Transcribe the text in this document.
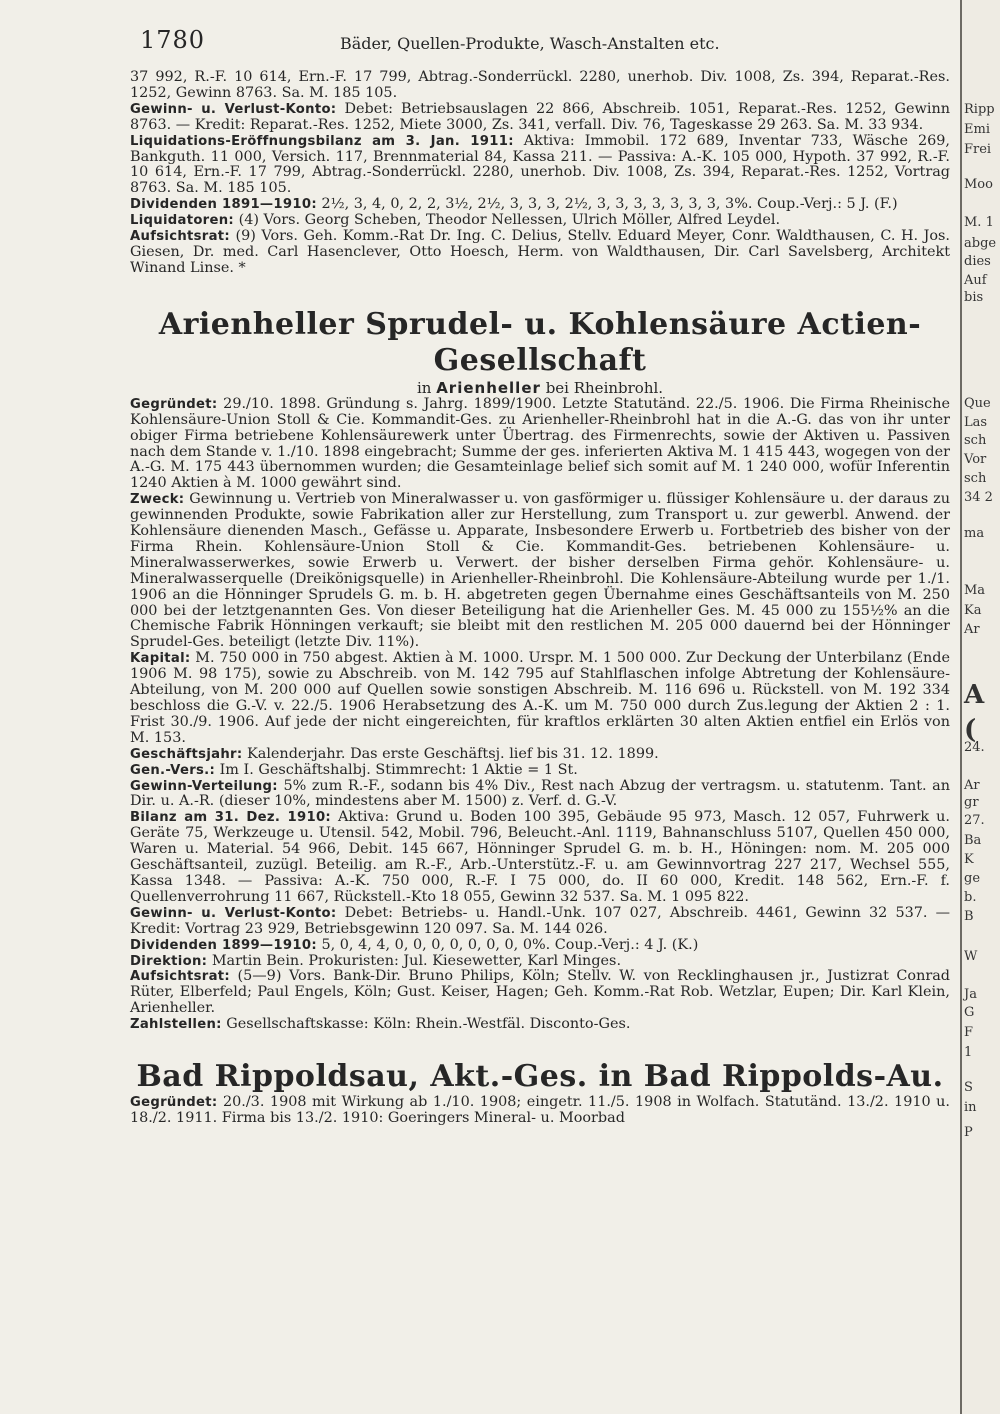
1780	Bäder, Quellen-Produkte, Wasch-Anstalten etc.

37 992, R.-F. 10 614, Ern.-F. 17 799, Abtrag.-Sonderrückl. 2280, unerhob. Div. 1008, Zs. 394, Reparat.-Res. 1252, Gewinn 8763. Sa. M. 185 105.

Gewinn- u. Verlust-Konto: Debet: Betriebsauslagen 22 866, Abschreib. 1051, Reparat.-Res. 1252, Gewinn 8763. — Kredit: Reparat.-Res. 1252, Miete 3000, Zs. 341, verfall. Div. 76, Tageskasse 29 263. Sa. M. 33 934.

Liquidations-Eröffnungsbilanz am 3. Jan. 1911: Aktiva: Immobil. 172 689, Inventar 733, Wäsche 269, Bankguth. 11 000, Versich. 117, Brennmaterial 84, Kassa 211. — Passiva: A.-K. 105 000, Hypoth. 37 992, R.-F. 10 614, Ern.-F. 17 799, Abtrag.-Sonderrückl. 2280, unerhob. Div. 1008, Zs. 394, Reparat.-Res. 1252, Vortrag 8763. Sa. M. 185 105.

Dividenden 1891—1910: 2½, 3, 4, 0, 2, 2, 3½, 2½, 3, 3, 3, 2½, 3, 3, 3, 3, 3, 3, 3, 3%. Coup.-Verj.: 5 J. (F.)

Liquidatoren: (4) Vors. Georg Scheben, Theodor Nellessen, Ulrich Möller, Alfred Leydel.

Aufsichtsrat: (9) Vors. Geh. Komm.-Rat Dr. Ing. C. Delius, Stellv. Eduard Meyer, Conr. Waldthausen, C. H. Jos. Giesen, Dr. med. Carl Hasenclever, Otto Hoesch, Herm. von Waldthausen, Dir. Carl Savelsberg, Architekt Winand Linse. *

Arienheller Sprudel- u. Kohlensäure Actien-Gesellschaft

in Arienheller bei Rheinbrohl.

Gegründet: 29./10. 1898. Gründung s. Jahrg. 1899/1900. Letzte Statutänd. 22./5. 1906. Die Firma Rheinische Kohlensäure-Union Stoll & Cie. Kommandit-Ges. zu Arienheller-Rheinbrohl hat in die A.-G. das von ihr unter obiger Firma betriebene Kohlensäurewerk unter Übertrag. des Firmenrechts, sowie der Aktiven u. Passiven nach dem Stande v. 1./10. 1898 eingebracht; Summe der ges. inferierten Aktiva M. 1 415 443, wogegen von der A.-G. M. 175 443 übernommen wurden; die Gesamteinlage belief sich somit auf M. 1 240 000, wofür Inferentin 1240 Aktien à M. 1000 gewährt sind.

Zweck: Gewinnung u. Vertrieb von Mineralwasser u. von gasförmiger u. flüssiger Kohlensäure u. der daraus zu gewinnenden Produkte, sowie Fabrikation aller zur Herstellung, zum Transport u. zur gewerbl. Anwend. der Kohlensäure dienenden Masch., Gefässe u. Apparate, Insbesondere Erwerb u. Fortbetrieb des bisher von der Firma Rhein. Kohlensäure-Union Stoll & Cie. Kommandit-Ges. betriebenen Kohlensäure- u. Mineralwasserwerkes, sowie Erwerb u. Verwert. der bisher derselben Firma gehör. Kohlensäure- u. Mineralwasserquelle (Dreikönigsquelle) in Arienheller-Rheinbrohl. Die Kohlensäure-Abteilung wurde per 1./1. 1906 an die Hönninger Sprudels G. m. b. H. abgetreten gegen Übernahme eines Geschäftsanteils von M. 250 000 bei der letztgenannten Ges. Von dieser Beteiligung hat die Arienheller Ges. M. 45 000 zu 155½% an die Chemische Fabrik Hönningen verkauft; sie bleibt mit den restlichen M. 205 000 dauernd bei der Hönninger Sprudel-Ges. beteiligt (letzte Div. 11%).

Kapital: M. 750 000 in 750 abgest. Aktien à M. 1000. Urspr. M. 1 500 000. Zur Deckung der Unterbilanz (Ende 1906 M. 98 175), sowie zu Abschreib. von M. 142 795 auf Stahlflaschen infolge Abtretung der Kohlensäure-Abteilung, von M. 200 000 auf Quellen sowie sonstigen Abschreib. M. 116 696 u. Rückstell. von M. 192 334 beschloss die G.-V. v. 22./5. 1906 Herabsetzung des A.-K. um M. 750 000 durch Zus.legung der Aktien 2 : 1. Frist 30./9. 1906. Auf jede der nicht eingereichten, für kraftlos erklärten 30 alten Aktien entfiel ein Erlös von M. 153.

Geschäftsjahr: Kalenderjahr. Das erste Geschäftsj. lief bis 31. 12. 1899.

Gen.-Vers.: Im I. Geschäftshalbj. Stimmrecht: 1 Aktie = 1 St.

Gewinn-Verteilung: 5% zum R.-F., sodann bis 4% Div., Rest nach Abzug der vertragsm. u. statutenm. Tant. an Dir. u. A.-R. (dieser 10%, mindestens aber M. 1500) z. Verf. d. G.-V.

Bilanz am 31. Dez. 1910: Aktiva: Grund u. Boden 100 395, Gebäude 95 973, Masch. 12 057, Fuhrwerk u. Geräte 75, Werkzeuge u. Utensil. 542, Mobil. 796, Beleucht.-Anl. 1119, Bahnanschluss 5107, Quellen 450 000, Waren u. Material. 54 966, Debit. 145 667, Hönninger Sprudel G. m. b. H., Höningen: nom. M. 205 000 Geschäftsanteil, zuzügl. Beteilig. am R.-F., Arb.-Unterstütz.-F. u. am Gewinnvortrag 227 217, Wechsel 555, Kassa 1348. — Passiva: A.-K. 750 000, R.-F. I 75 000, do. II 60 000, Kredit. 148 562, Ern.-F. f. Quellenverrohrung 11 667, Rückstell.-Kto 18 055, Gewinn 32 537. Sa. M. 1 095 822.

Gewinn- u. Verlust-Konto: Debet: Betriebs- u. Handl.-Unk. 107 027, Abschreib. 4461, Gewinn 32 537. — Kredit: Vortrag 23 929, Betriebsgewinn 120 097. Sa. M. 144 026.

Dividenden 1899—1910: 5, 0, 4, 4, 0, 0, 0, 0, 0, 0, 0, 0%. Coup.-Verj.: 4 J. (K.)

Direktion: Martin Bein. Prokuristen: Jul. Kiesewetter, Karl Minges.

Aufsichtsrat: (5—9) Vors. Bank-Dir. Bruno Philips, Köln; Stellv. W. von Recklinghausen jr., Justizrat Conrad Rüter, Elberfeld; Paul Engels, Köln; Gust. Keiser, Hagen; Geh. Komm.-Rat Rob. Wetzlar, Eupen; Dir. Karl Klein, Arienheller.

Zahlstellen: Gesellschaftskasse: Köln: Rhein.-Westfäl. Disconto-Ges.

Bad Rippoldsau, Akt.-Ges. in Bad Rippolds-Au.

Gegründet: 20./3. 1908 mit Wirkung ab 1./10. 1908; eingetr. 11./5. 1908 in Wolfach. Statutänd. 13./2. 1910 u. 18./2. 1911. Firma bis 13./2. 1910: Goeringers Mineral- u. Moorbad

Ripp
Emi
Frei
Moo
M. 1
abge
dies
Auf
bis
Que
Las
sch
Vor
sch
34 2
ma
Ma
Ka
Ar
A
(
24.
Ar
gr
27.
Ba
K
ge
b.
B
W
Ja
G
F
1
S
in
P
